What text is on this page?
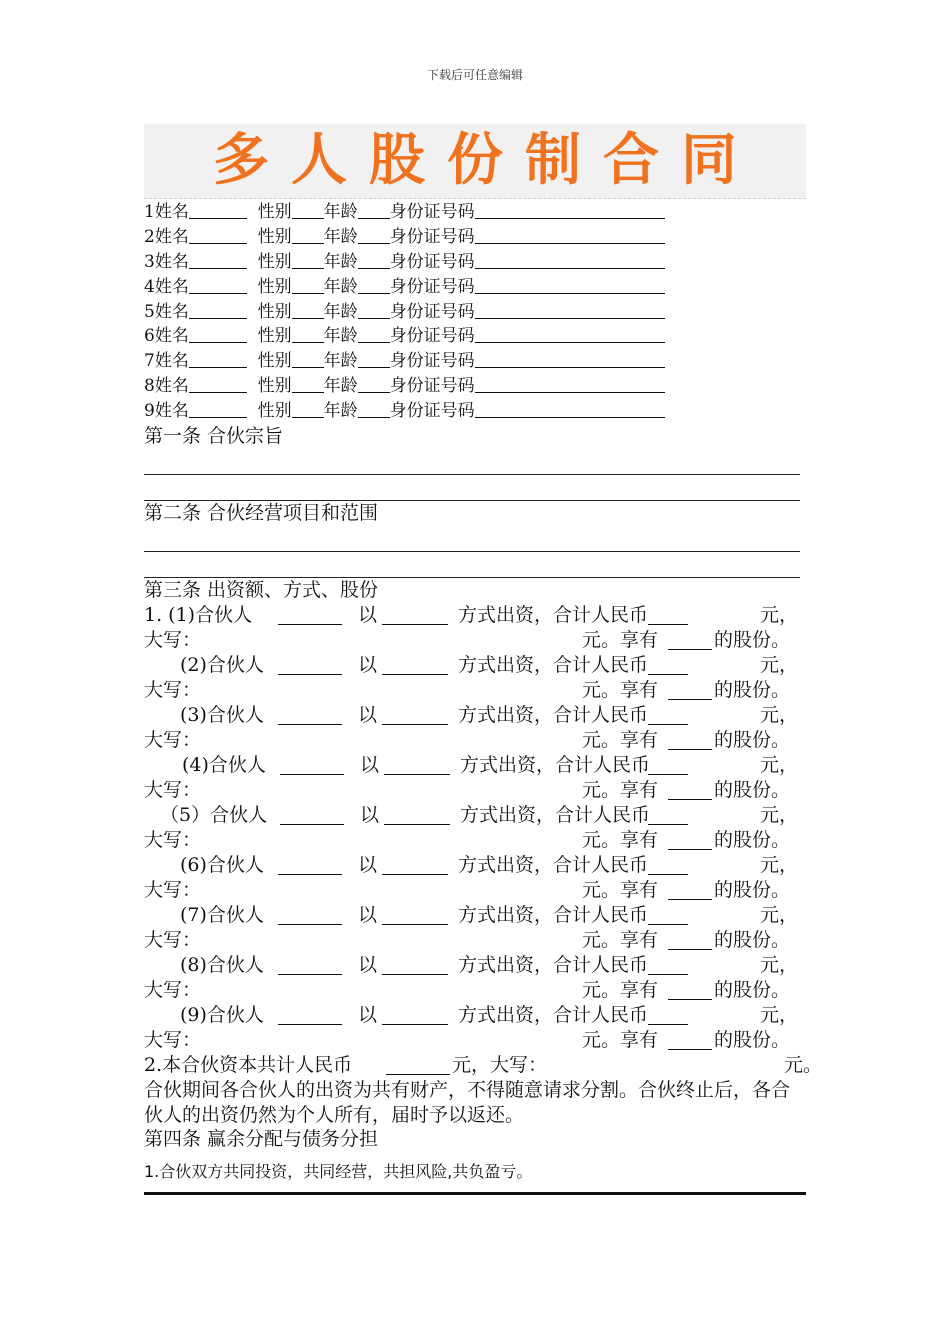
下载后可任意编辑
多人股份制合同
1姓名	性别 年龄 身份证号码
2姓名	性别 年龄 身份证号码
3姓名	性别 年龄 身份证号码
4姓名	性别 年龄 身份证号码
5姓名	性别 年龄 身份证号码
6姓名	性别 年龄 身份证号码
7姓名	性别 年龄 身份证号码
8姓名	性别 年龄 身份证号码
9姓名	性别 年龄 身份证号码
第一条 合伙宗旨
第二条 合伙经营项目和范围
第三条 出资额、方式、股份
1. (1)合伙人	以	方式出资，合计人民币	元，
大写：	元。享有	的股份。
(2)合伙人	以	方式出资，合计人民币	元，
大写：	元。享有	的股份。
(3)合伙人	以	方式出资，合计人民币	元，
大写：	元。享有	的股份。
(4)合伙人	以	方式出资，合计人民币	元，
大写：	元。享有	的股份。
（5）合伙人	以	方式出资，合计人民币	元，
大写：	元。享有	的股份。
(6)合伙人	以	方式出资，合计人民币	元，
大写：	元。享有	的股份。
(7)合伙人	以	方式出资，合计人民币	元，
大写：	元。享有	的股份。
(8)合伙人	以	方式出资，合计人民币	元，
大写：	元。享有	的股份。
(9)合伙人	以	方式出资，合计人民币	元，
大写：	元。享有	的股份。
2.本合伙资本共计人民币	元，大写：	元。
合伙期间各合伙人的出资为共有财产，不得随意请求分割。合伙终止后，各合伙人的出资仍然为个人所有，届时予以返还。
第四条 赢余分配与债务分担
1.合伙双方共同投资，共同经营，共担风险,共负盈亏。
